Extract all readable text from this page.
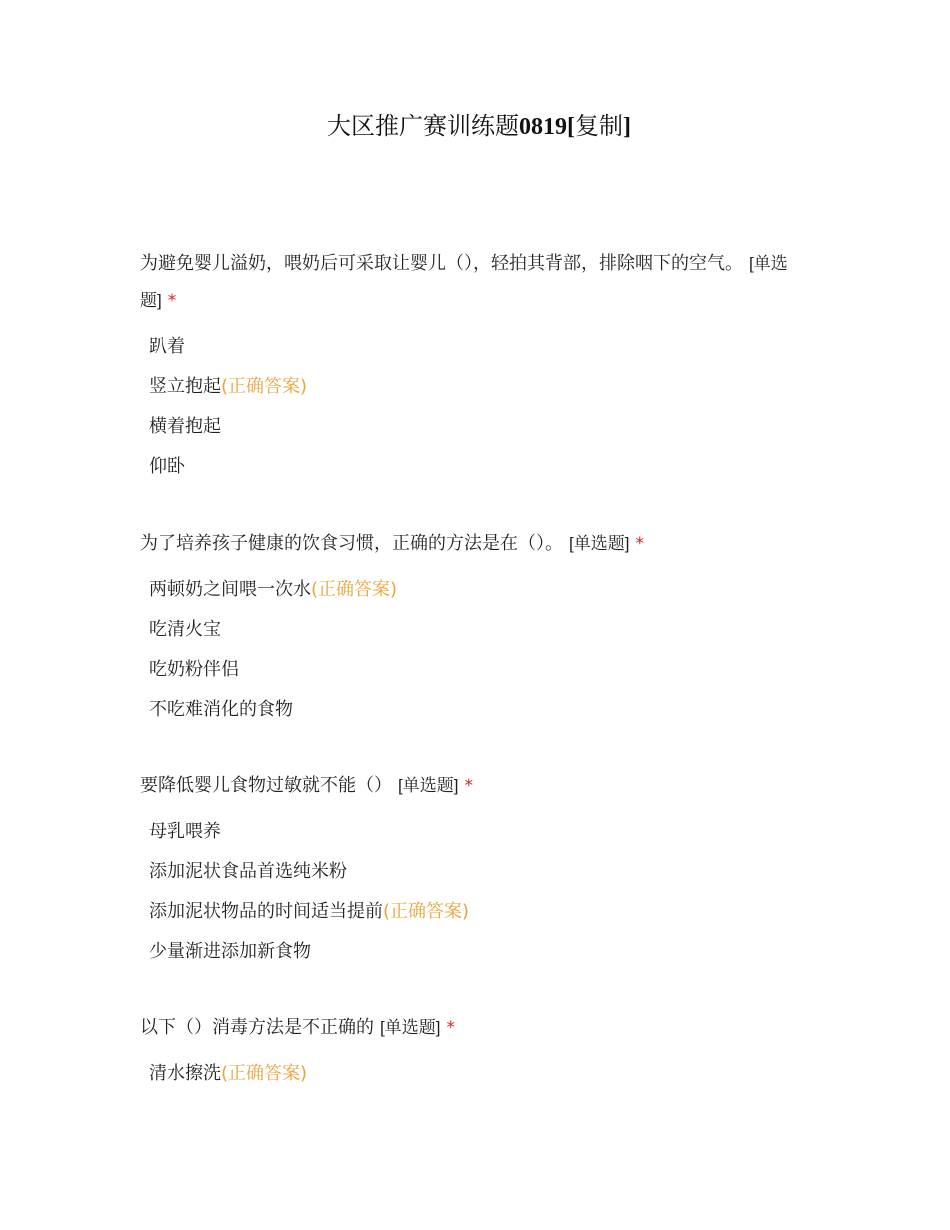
大区推广赛训练题0819[复制]

为避免婴儿溢奶，喂奶后可采取让婴儿（），轻拍其背部，排除咽下的空气。 [单选题] *

趴着
竖立抱起(正确答案)
横着抱起
仰卧

为了培养孩子健康的饮食习惯，正确的方法是在（）。 [单选题] *

两顿奶之间喂一次水(正确答案)
吃清火宝
吃奶粉伴侣
不吃难消化的食物

要降低婴儿食物过敏就不能（） [单选题] *

母乳喂养
添加泥状食品首选纯米粉
添加泥状物品的时间适当提前(正确答案)
少量渐进添加新食物

以下（）消毒方法是不正确的 [单选题] *

清水擦洗(正确答案)
